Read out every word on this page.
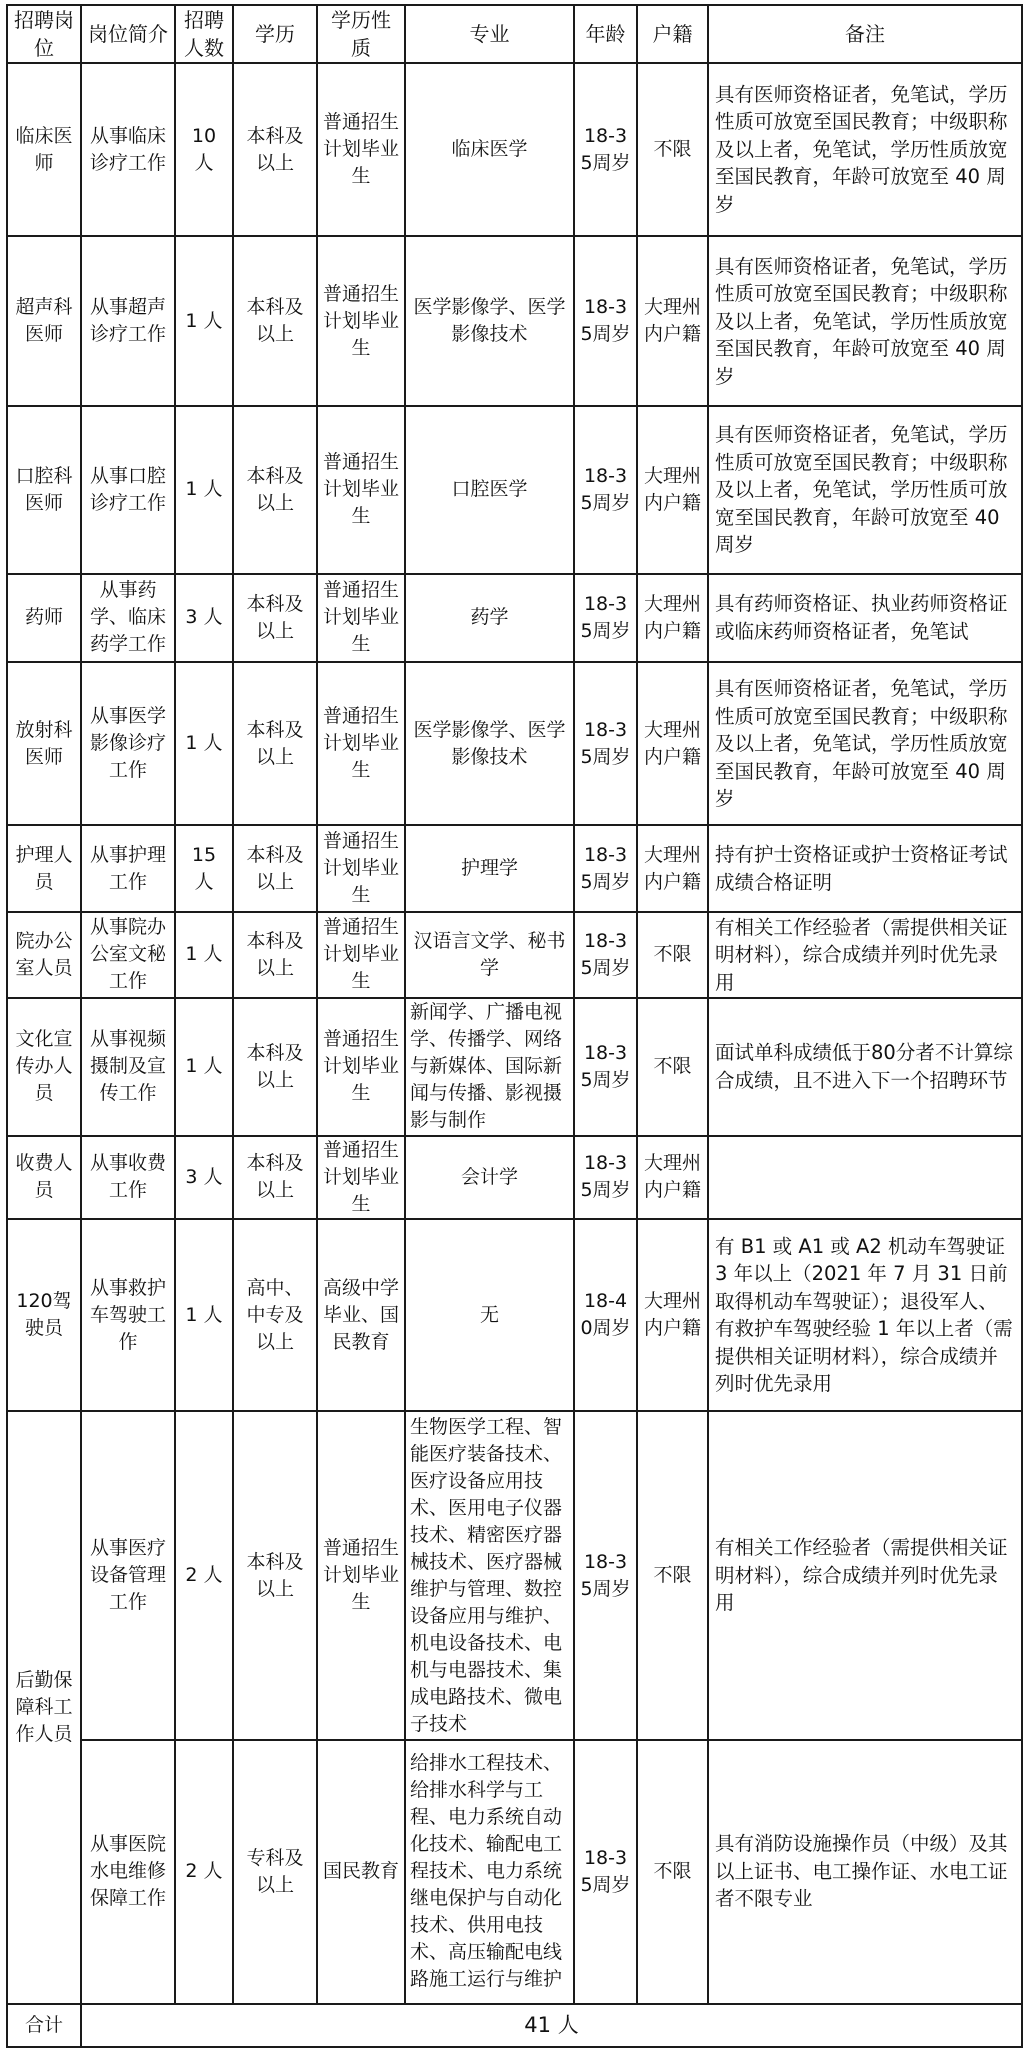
招聘岗位	岗位简介	招聘人数	学历	学历性质	专业	年龄	户籍	备注
临床医师	从事临床诊疗工作	10 人	本科及以上	普通招生计划毕业生	临床医学	18-35周岁	不限	具有医师资格证者，免笔试，学历性质可放宽至国民教育；中级职称及以上者，免笔试，学历性质放宽至国民教育，年龄可放宽至 40 周岁
超声科医师	从事超声诊疗工作	1 人	本科及以上	普通招生计划毕业生	医学影像学、医学影像技术	18-35周岁	大理州内户籍	具有医师资格证者，免笔试，学历性质可放宽至国民教育；中级职称及以上者，免笔试，学历性质放宽至国民教育，年龄可放宽至 40 周岁
口腔科医师	从事口腔诊疗工作	1 人	本科及以上	普通招生计划毕业生	口腔医学	18-35周岁	大理州内户籍	具有医师资格证者，免笔试，学历性质可放宽至国民教育；中级职称及以上者，免笔试，学历性质可放宽至国民教育，年龄可放宽至 40 周岁
药师	从事药学、临床药学工作	3 人	本科及以上	普通招生计划毕业生	药学	18-35周岁	大理州内户籍	具有药师资格证、执业药师资格证或临床药师资格证者，免笔试
放射科医师	从事医学影像诊疗工作	1 人	本科及以上	普通招生计划毕业生	医学影像学、医学影像技术	18-35周岁	大理州内户籍	具有医师资格证者，免笔试，学历性质可放宽至国民教育；中级职称及以上者，免笔试，学历性质放宽至国民教育，年龄可放宽至 40 周岁
护理人员	从事护理工作	15 人	本科及以上	普通招生计划毕业生	护理学	18-35周岁	大理州内户籍	持有护士资格证或护士资格证考试成绩合格证明
院办公室人员	从事院办公室文秘工作	1 人	本科及以上	普通招生计划毕业生	汉语言文学、秘书学	18-35周岁	不限	有相关工作经验者（需提供相关证明材料），综合成绩并列时优先录用
文化宣传办人员	从事视频摄制及宣传工作	1 人	本科及以上	普通招生计划毕业生	新闻学、广播电视学、传播学、网络与新媒体、国际新闻与传播、影视摄影与制作	18-35周岁	不限	面试单科成绩低于80分者不计算综合成绩，且不进入下一个招聘环节
收费人员	从事收费工作	3 人	本科及以上	普通招生计划毕业生	会计学	18-35周岁	大理州内户籍	
120驾驶员	从事救护车驾驶工作	1 人	高中、中专及以上	高级中学毕业、国民教育	无	18-40周岁	大理州内户籍	有 B1 或 A1 或 A2 机动车驾驶证 3 年以上（2021 年 7 月 31 日前取得机动车驾驶证）；退役军人、有救护车驾驶经验 1 年以上者（需提供相关证明材料），综合成绩并列时优先录用
后勤保障科工作人员	从事医疗设备管理工作	2 人	本科及以上	普通招生计划毕业生	生物医学工程、智能医疗装备技术、医疗设备应用技术、医用电子仪器技术、精密医疗器械技术、医疗器械维护与管理、数控设备应用与维护、机电设备技术、电机与电器技术、集成电路技术、微电子技术	18-35周岁	不限	有相关工作经验者（需提供相关证明材料），综合成绩并列时优先录用
	从事医院水电维修保障工作	2 人	专科及以上	国民教育	给排水工程技术、给排水科学与工程、电力系统自动化技术、输配电工程技术、电力系统继电保护与自动化技术、供用电技术、高压输配电线路施工运行与维护	18-35周岁	不限	具有消防设施操作员（中级）及其以上证书、电工操作证、水电工证者不限专业
合计	41 人							
